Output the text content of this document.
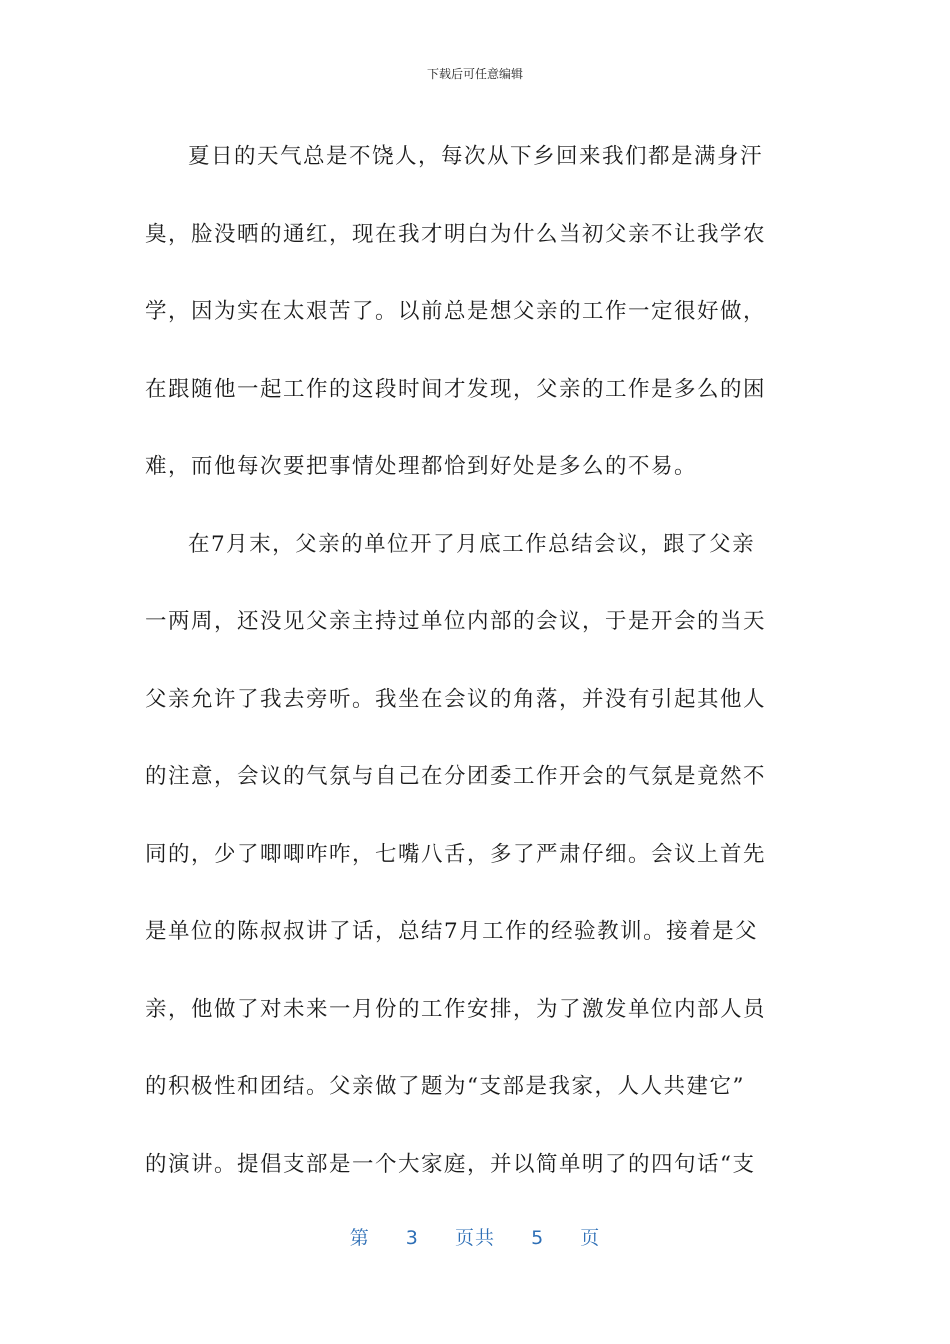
下载后可任意编辑

夏日的天气总是不饶人，每次从下乡回来我们都是满身汗
臭，脸没晒的通红，现在我才明白为什么当初父亲不让我学农
学，因为实在太艰苦了。以前总是想父亲的工作一定很好做，
在跟随他一起工作的这段时间才发现，父亲的工作是多么的困
难，而他每次要把事情处理都恰到好处是多么的不易。

在7月末，父亲的单位开了月底工作总结会议，跟了父亲
一两周，还没见父亲主持过单位内部的会议，于是开会的当天
父亲允许了我去旁听。我坐在会议的角落，并没有引起其他人
的注意，会议的气氛与自己在分团委工作开会的气氛是竟然不
同的，少了唧唧咋咋，七嘴八舌，多了严肃仔细。会议上首先
是单位的陈叔叔讲了话，总结7月工作的经验教训。接着是父
亲，他做了对未来一月份的工作安排，为了激发单位内部人员
的积极性和团结。父亲做了题为“支部是我家，人人共建它”
的演讲。提倡支部是一个大家庭，并以简单明了的四句话“支

第 3 页共 5 页
